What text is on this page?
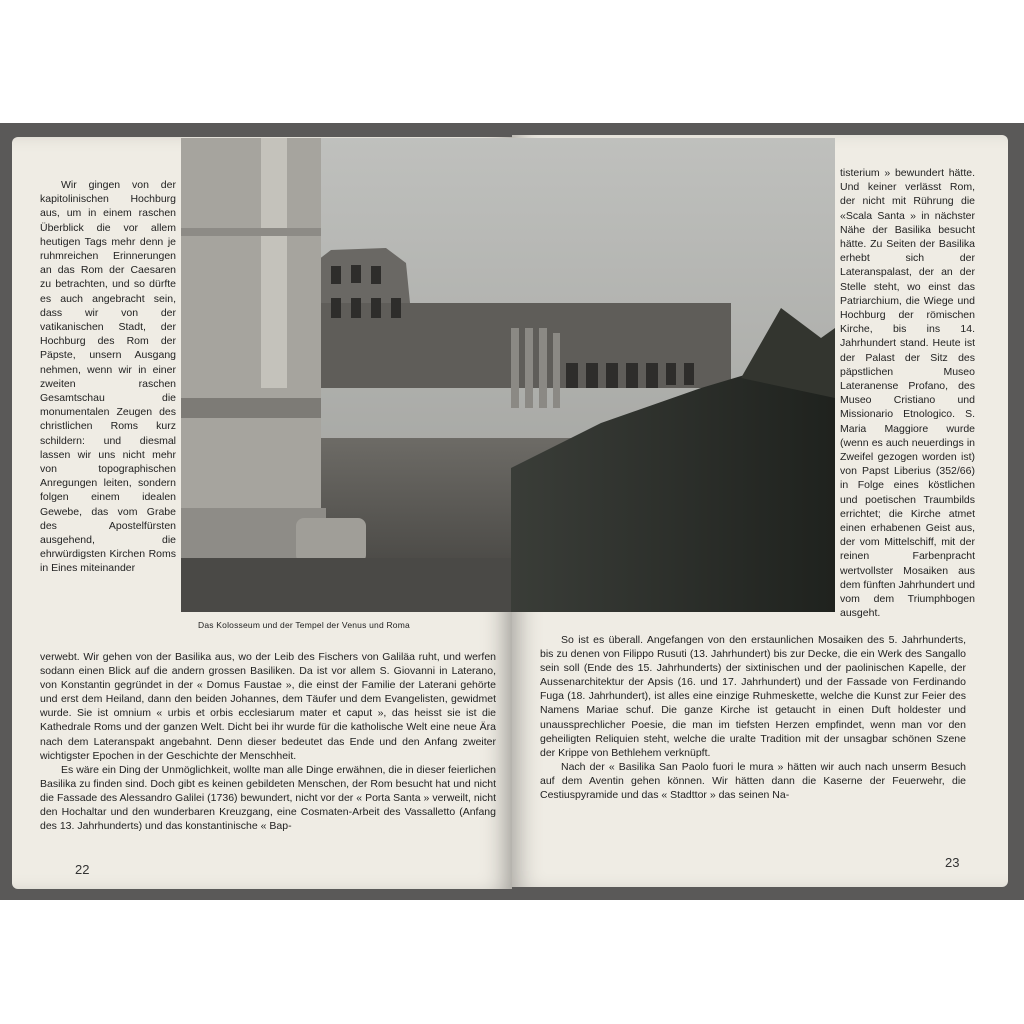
Wir gingen von der kapitolinischen Hochburg aus, um in einem raschen Überblick die vor allem heutigen Tags mehr denn je ruhmreichen Erinnerungen an das Rom der Caesaren zu betrachten, und so dürfte es auch angebracht sein, dass wir von der vatikanischen Stadt, der Hochburg des Rom der Päpste, unsern Ausgang nehmen, wenn wir in einer zweiten raschen Gesamtschau die monumentalen Zeugen des christlichen Roms kurz schildern: und diesmal lassen wir uns nicht mehr von topographischen Anregungen leiten, sondern folgen einem idealen Gewebe, das vom Grabe des Apostelfürsten ausgehend, die ehrwürdigsten Kirchen Roms in Eines miteinander

Das Kolosseum und der Tempel der Venus und Roma

tisterium » bewundert hätte. Und keiner verlässt Rom, der nicht mit Rührung die «Scala Santa » in nächster Nähe der Basilika besucht hätte. Zu Seiten der Basilika erhebt sich der Lateranspalast, der an der Stelle steht, wo einst das Patriarchium, die Wiege und Hochburg der römischen Kirche, bis ins 14. Jahrhundert stand. Heute ist der Palast der Sitz des päpstlichen Museo Lateranense Profano, des Museo Cristiano und Missionario Etnologico. S. Maria Maggiore wurde (wenn es auch neuerdings in Zweifel gezogen worden ist) von Papst Liberius (352/66) in Folge eines köstlichen und poetischen Traumbilds errichtet; die Kirche atmet einen erhabenen Geist aus, der vom Mittelschiff, mit der reinen Farbenpracht wertvollster Mosaiken aus dem fünften Jahrhundert und vom dem Triumphbogen ausgeht.

verwebt. Wir gehen von der Basilika aus, wo der Leib des Fischers von Galiläa ruht, und werfen sodann einen Blick auf die andern grossen Basiliken. Da ist vor allem S. Giovanni in Laterano, von Konstantin gegründet in der « Domus Faustae », die einst der Familie der Laterani gehörte und erst dem Heiland, dann den beiden Johannes, dem Täufer und dem Evangelisten, gewidmet wurde. Sie ist omnium « urbis et orbis ecclesiarum mater et caput », das heisst sie ist die Kathedrale Roms und der ganzen Welt. Dicht bei ihr wurde für die katholische Welt eine neue Ära nach dem Lateranspakt angebahnt. Denn dieser bedeutet das Ende und den Anfang zweiter wichtigster Epochen in der Geschichte der Menschheit.

Es wäre ein Ding der Unmöglichkeit, wollte man alle Dinge erwähnen, die in dieser feierlichen Basilika zu finden sind. Doch gibt es keinen gebildeten Menschen, der Rom besucht hat und nicht die Fassade des Alessandro Galilei (1736) bewundert, nicht vor der « Porta Santa » verweilt, nicht den Hochaltar und den wunderbaren Kreuzgang, eine Cosmaten-Arbeit des Vassalletto (Anfang des 13. Jahrhunderts) und das konstantinische « Bap-

So ist es überall. Angefangen von den erstaunlichen Mosaiken des 5. Jahrhunderts, bis zu denen von Filippo Rusuti (13. Jahrhundert) bis zur Decke, die ein Werk des Sangallo sein soll (Ende des 15. Jahrhunderts) der sixtinischen und der paolinischen Kapelle, der Aussenarchitektur der Apsis (16. und 17. Jahrhundert) und der Fassade von Ferdinando Fuga (18. Jahrhundert), ist alles eine einzige Ruhmeskette, welche die Kunst zur Feier des Namens Mariae schuf. Die ganze Kirche ist getaucht in einen Duft holdester und unaussprechlicher Poesie, die man im tiefsten Herzen empfindet, wenn man vor den geheiligten Reliquien steht, welche die uralte Tradition mit der unsagbar schönen Szene der Krippe von Bethlehem verknüpft.

Nach der « Basilika San Paolo fuori le mura » hätten wir auch nach unserm Besuch auf dem Aventin gehen können. Wir hätten dann die Kaserne der Feuerwehr, die Cestiuspyramide und das « Stadttor » das seinen Na-

22	23
